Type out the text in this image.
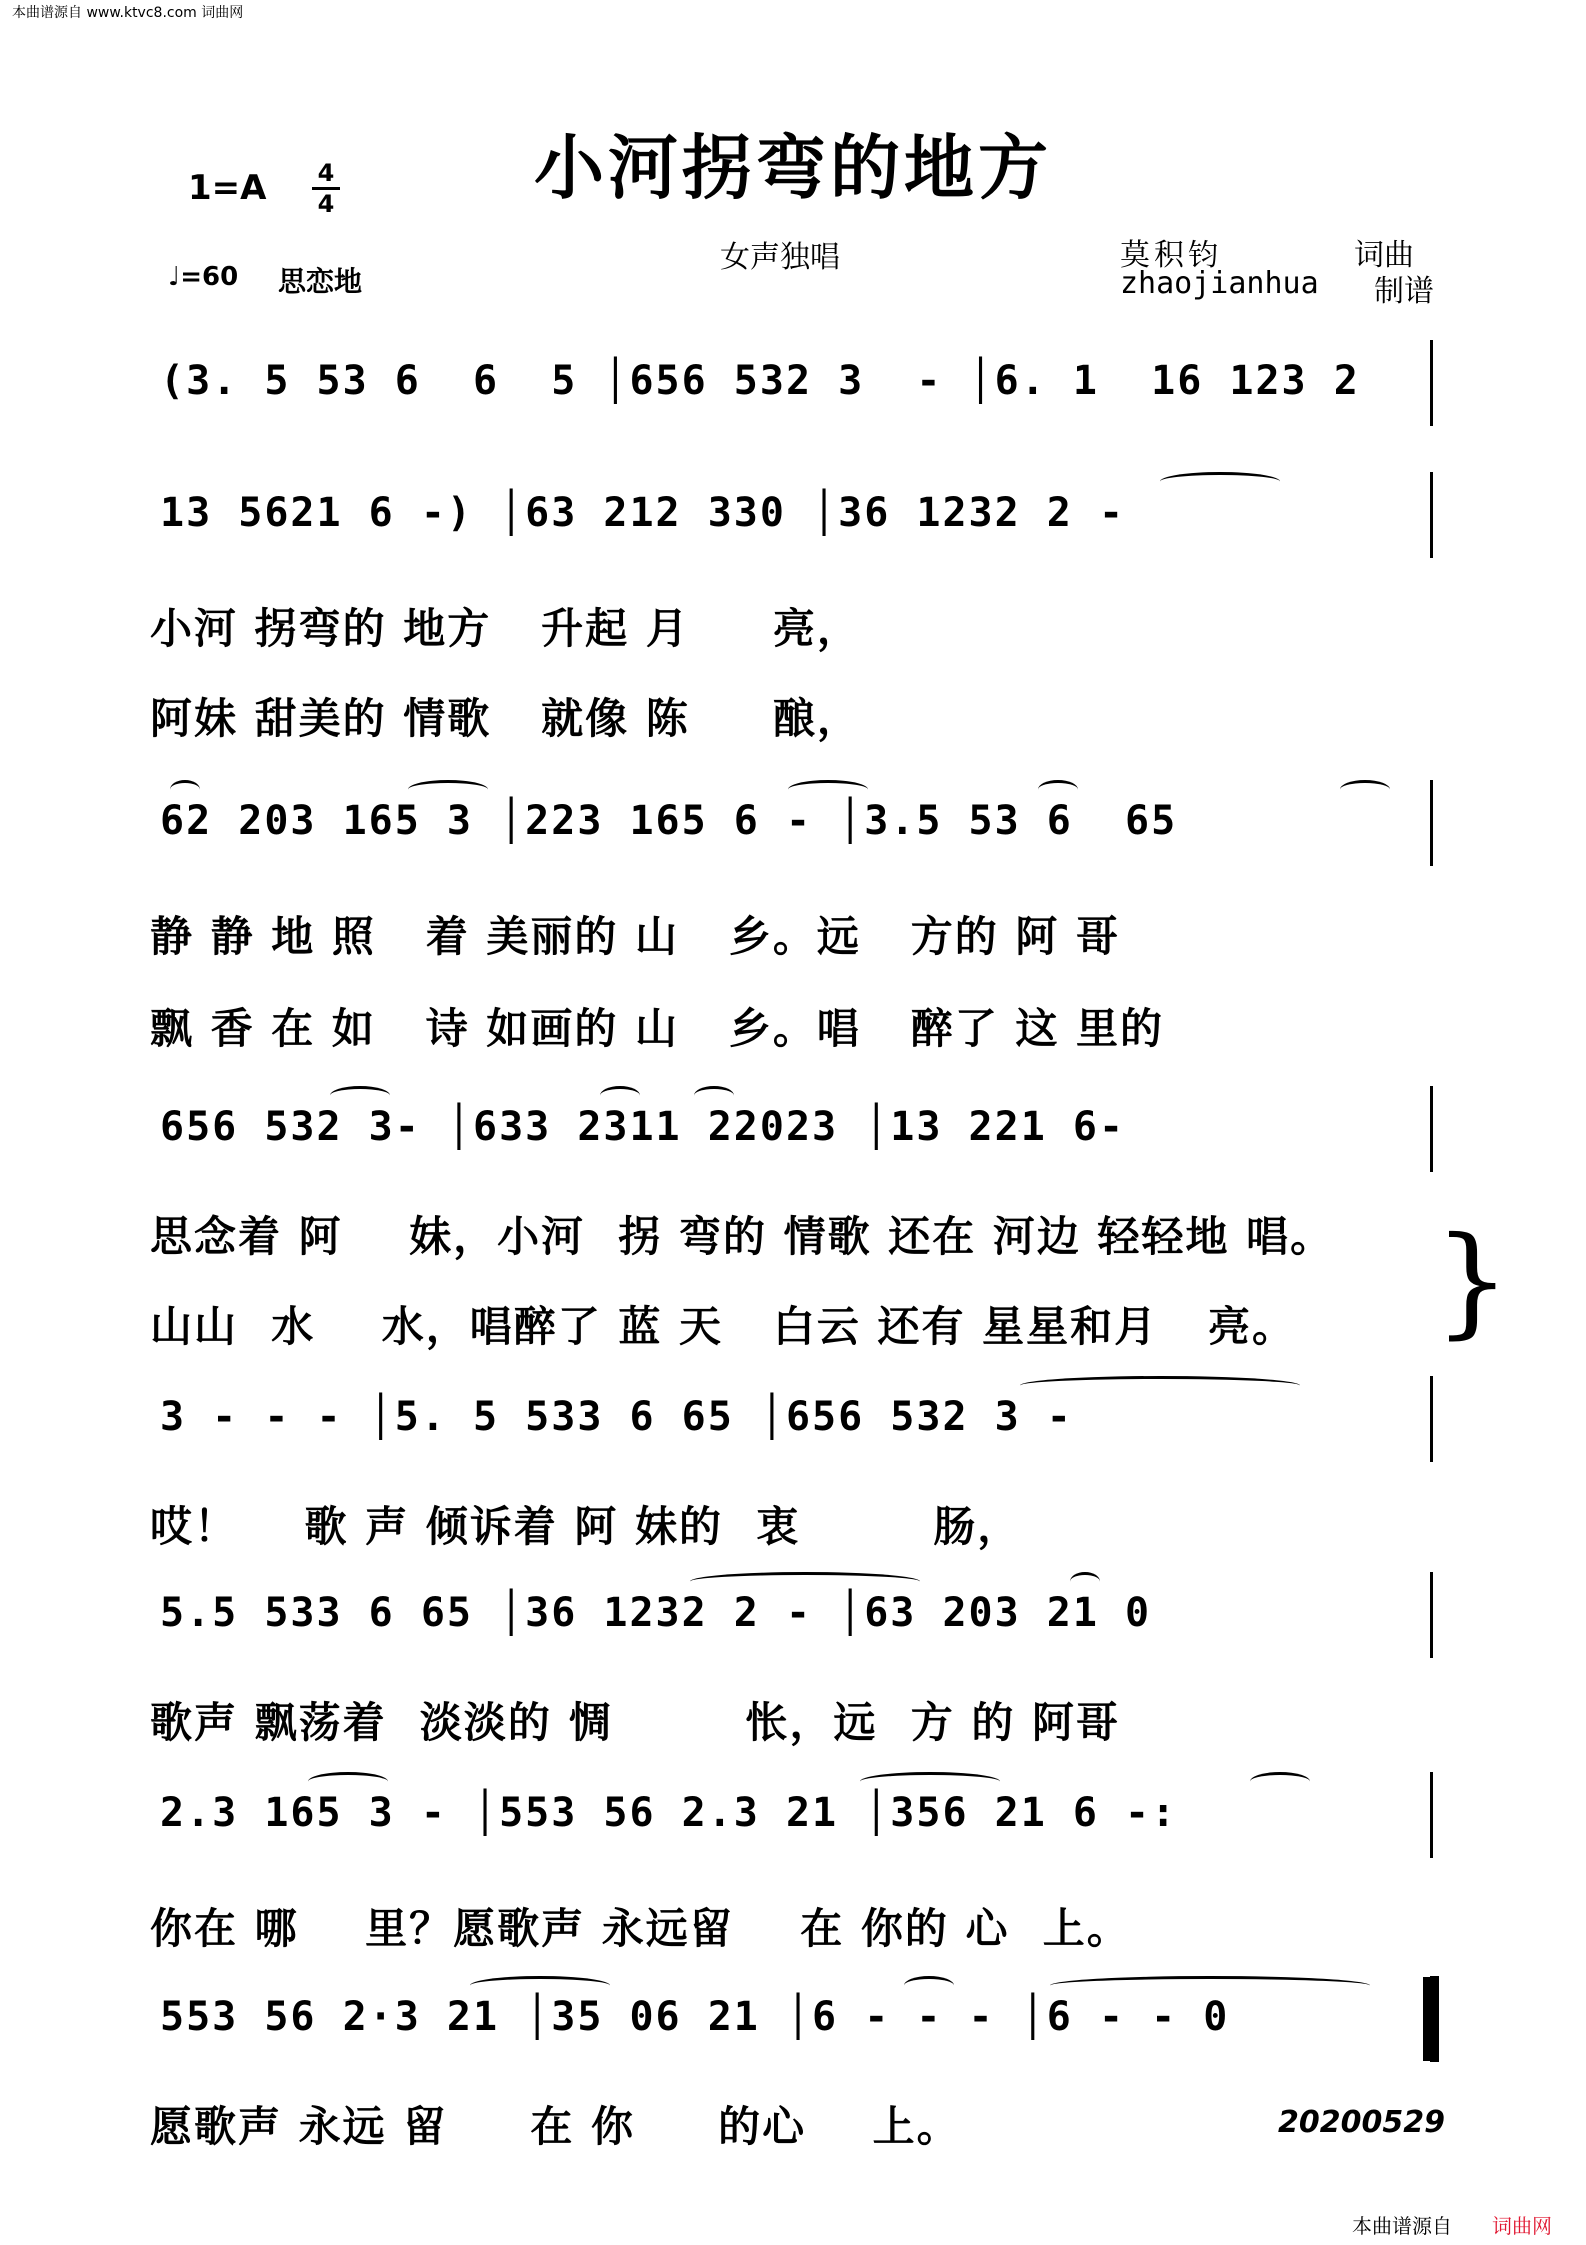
本曲谱源自 www.ktvc8.com 词曲网
小河拐弯的地方
1=A	4
4
♩=60 思恋地
女声独唱	莫积钧	词曲
zhaojianhua 制谱
(3. 5 53 6  6  5 │656 532 3  - │6. 1  16 123 2
13 5621 6 -) │63 212 330 │36 1232 2 -
小河 拐弯的 地方   升起 月     亮，
阿妹 甜美的 情歌   就像 陈     酿，
62 203 165 3 │223 165 6 - │3.5 53 6  65
静 静 地 照   着 美丽的 山   乡。远   方的 阿 哥
飘 香 在 如   诗 如画的 山   乡。唱   醉了 这 里的
656 532 3- │633 2311 22023 │13 221 6-
思念着 阿    妹，小河  拐 弯的 情歌 还在 河边 轻轻地 唱。
山山  水    水，唱醉了 蓝 天   白云 还有 星星和月   亮。	}
3 - - - │5. 5 533 6 65 │656 532 3 -
哎！    歌 声 倾诉着 阿 妹的  衷        肠，
5.5 533 6 65 │36 1232 2 - │63 203 21 0
歌声 飘荡着  淡淡的 惆        怅，远  方 的 阿哥
2.3 165 3 - │553 56 2.3 21 │356 21 6 -:
你在 哪    里？愿歌声 永远留    在 你的 心  上。
553 56 2·3 21 │35 06 21 │6 - - - │6 - - 0
愿歌声 永远 留     在 你     的心    上。	20200529
本曲谱源自 词曲网
